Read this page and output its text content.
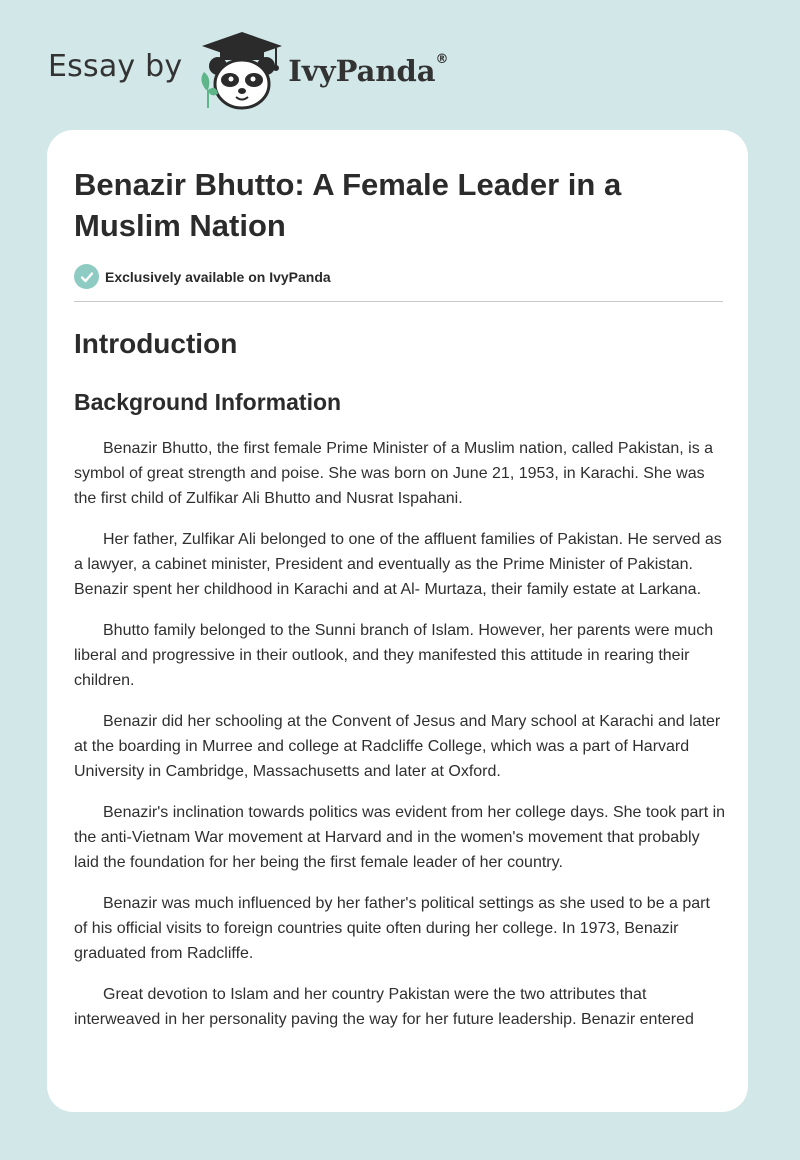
Essay by	IvyPanda®
Benazir Bhutto: A Female Leader in a Muslim Nation
Exclusively available on IvyPanda
Introduction
Background Information

Benazir Bhutto, the first female Prime Minister of a Muslim nation, called Pakistan, is a symbol of great strength and poise. She was born on June 21, 1953, in Karachi. She was the first child of Zulfikar Ali Bhutto and Nusrat Ispahani.

Her father, Zulfikar Ali belonged to one of the affluent families of Pakistan. He served as a lawyer, a cabinet minister, President and eventually as the Prime Minister of Pakistan. Benazir spent her childhood in Karachi and at Al- Murtaza, their family estate at Larkana.

Bhutto family belonged to the Sunni branch of Islam. However, her parents were much liberal and progressive in their outlook, and they manifested this attitude in rearing their children.

Benazir did her schooling at the Convent of Jesus and Mary school at Karachi and later at the boarding in Murree and college at Radcliffe College, which was a part of Harvard University in Cambridge, Massachusetts and later at Oxford.

Benazir's inclination towards politics was evident from her college days. She took part in the anti-Vietnam War movement at Harvard and in the women's movement that probably laid the foundation for her being the first female leader of her country.

Benazir was much influenced by her father's political settings as she used to be a part of his official visits to foreign countries quite often during her college. In 1973, Benazir graduated from Radcliffe.

Great devotion to Islam and her country Pakistan were the two attributes that interweaved in her personality paving the way for her future leadership. Benazir entered
